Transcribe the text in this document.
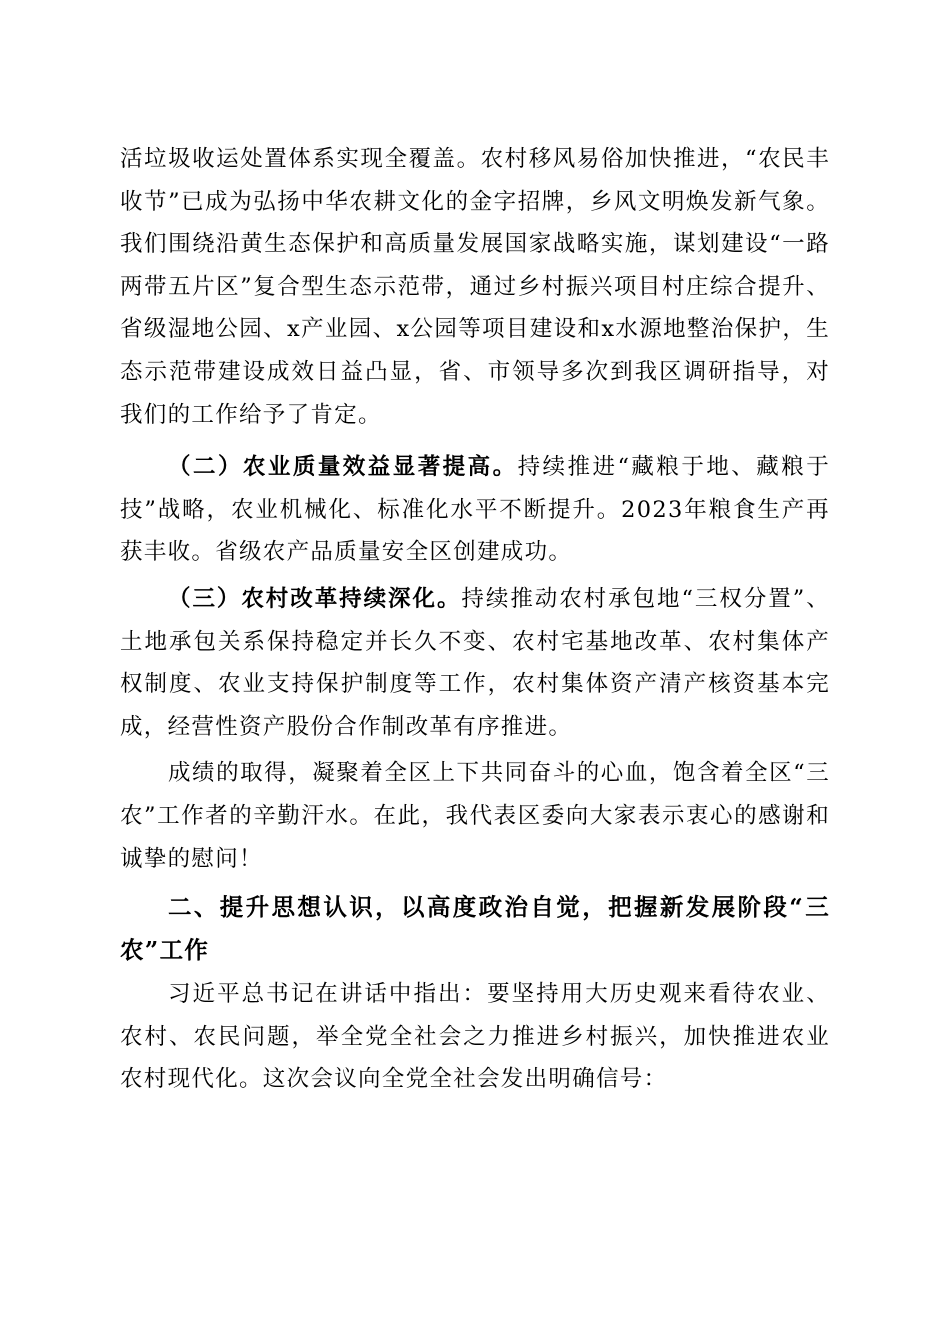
活垃圾收运处置体系实现全覆盖。农村移风易俗加快推进，“农民丰收节”已成为弘扬中华农耕文化的金字招牌，乡风文明焕发新气象。我们围绕沿黄生态保护和高质量发展国家战略实施，谋划建设“一路两带五片区”复合型生态示范带，通过乡村振兴项目村庄综合提升、省级湿地公园、x产业园、x公园等项目建设和x水源地整治保护，生态示范带建设成效日益凸显，省、市领导多次到我区调研指导，对我们的工作给予了肯定。

（二）农业质量效益显著提高。持续推进“藏粮于地、藏粮于技”战略，农业机械化、标准化水平不断提升。2023年粮食生产再获丰收。省级农产品质量安全区创建成功。

（三）农村改革持续深化。持续推动农村承包地“三权分置”、土地承包关系保持稳定并长久不变、农村宅基地改革、农村集体产权制度、农业支持保护制度等工作，农村集体资产清产核资基本完成，经营性资产股份合作制改革有序推进。

成绩的取得，凝聚着全区上下共同奋斗的心血，饱含着全区“三农”工作者的辛勤汗水。在此，我代表区委向大家表示衷心的感谢和诚挚的慰问！

二、提升思想认识，以高度政治自觉，把握新发展阶段“三农”工作

习近平总书记在讲话中指出：要坚持用大历史观来看待农业、农村、农民问题，举全党全社会之力推进乡村振兴，加快推进农业农村现代化。这次会议向全党全社会发出明确信号：
